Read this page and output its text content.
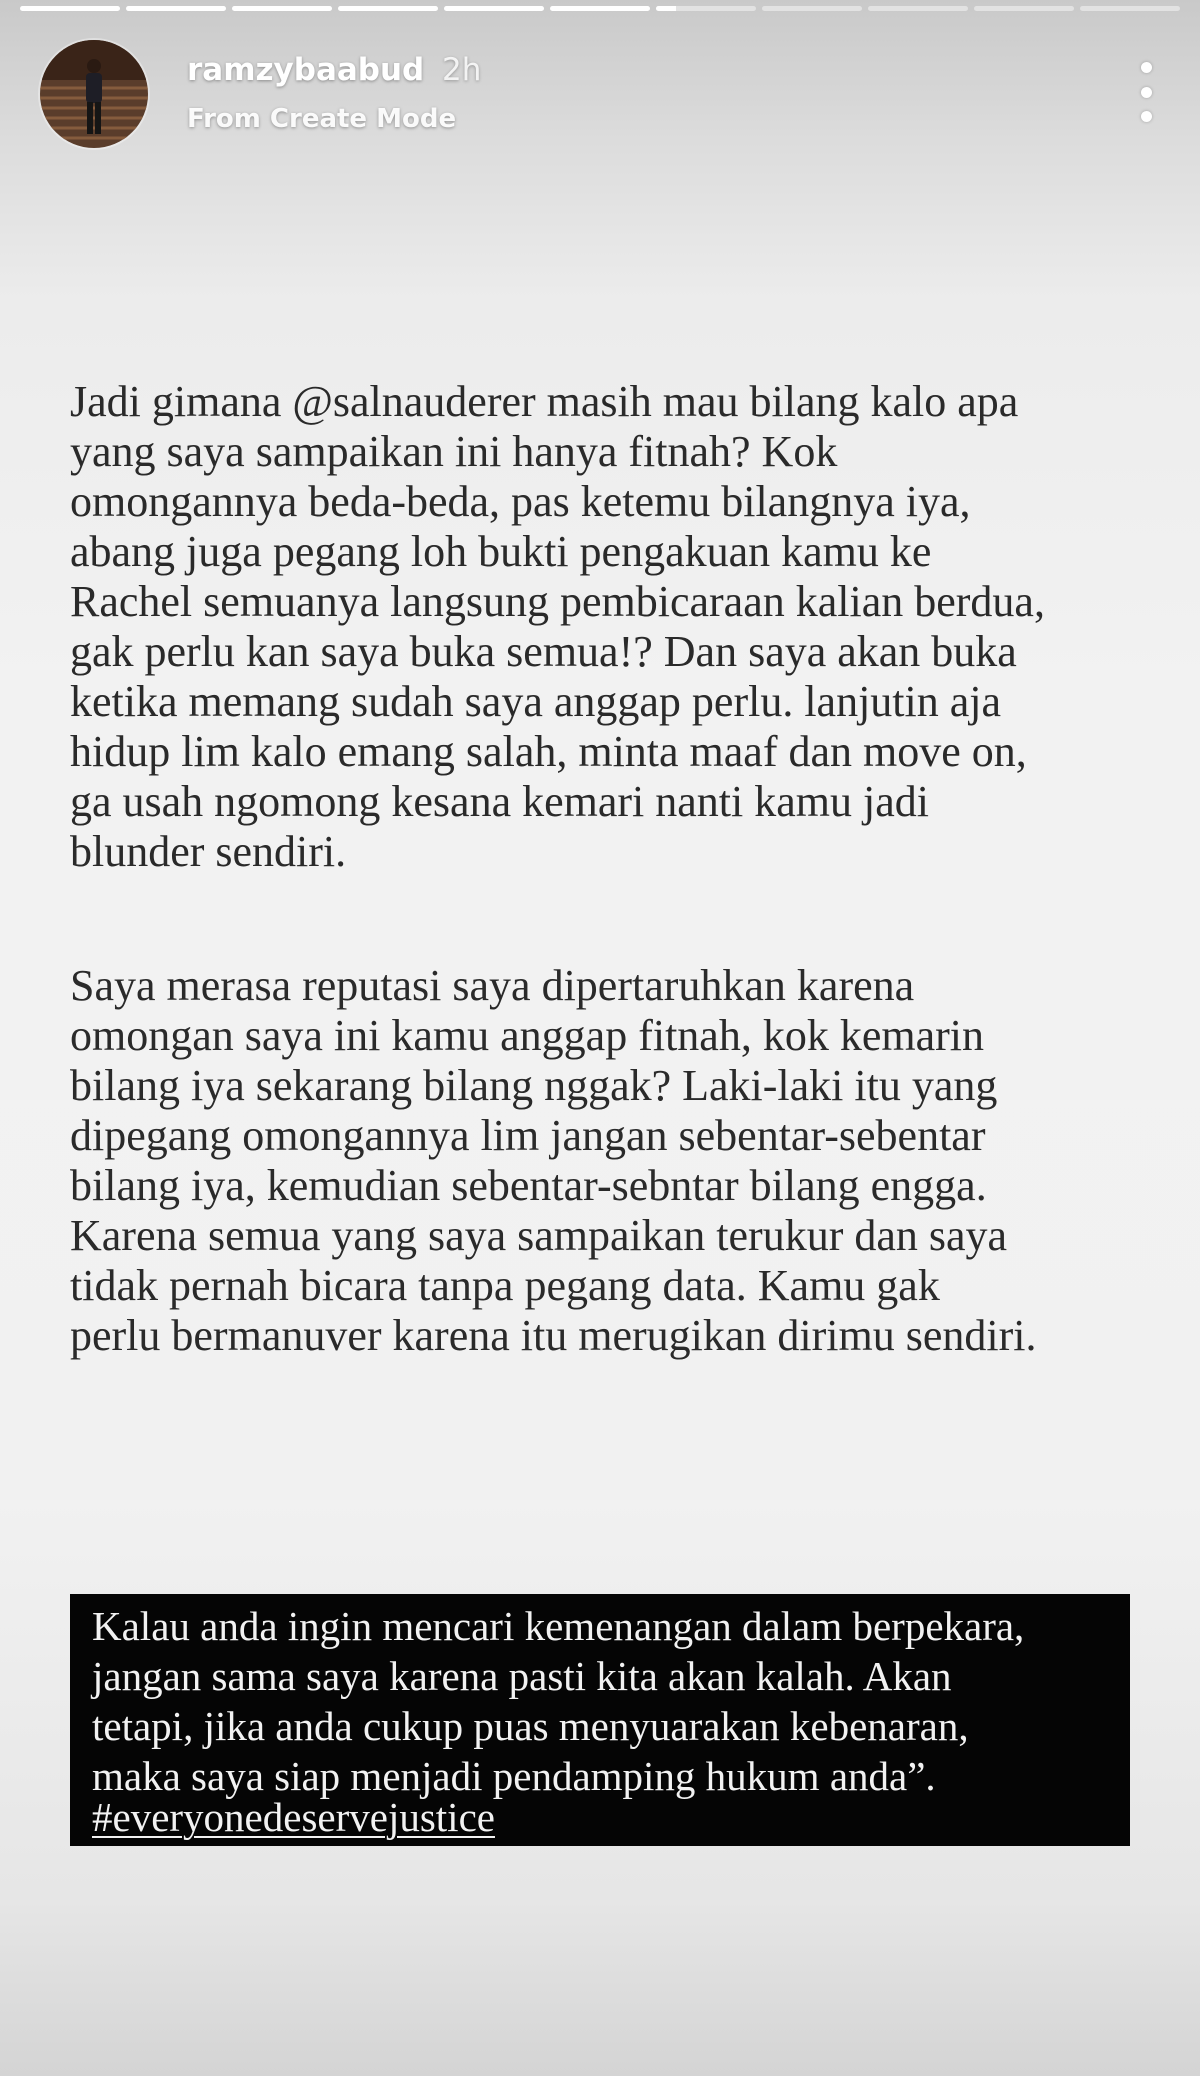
ramzybaabud 2h
From Create Mode
Jadi gimana @salnauderer masih mau bilang kalo apa
yang saya sampaikan ini hanya fitnah? Kok
omongannya beda-beda, pas ketemu bilangnya iya,
abang juga pegang loh bukti pengakuan kamu ke
Rachel semuanya langsung pembicaraan kalian berdua,
gak perlu kan saya buka semua!? Dan saya akan buka
ketika memang sudah saya anggap perlu. lanjutin aja
hidup lim kalo emang salah, minta maaf dan move on,
ga usah ngomong kesana kemari nanti kamu jadi
blunder sendiri.
Saya merasa reputasi saya dipertaruhkan karena
omongan saya ini kamu anggap fitnah, kok kemarin
bilang iya sekarang bilang nggak? Laki-laki itu yang
dipegang omongannya lim jangan sebentar-sebentar
bilang iya, kemudian sebentar-sebntar bilang engga.
Karena semua yang saya sampaikan terukur dan saya
tidak pernah bicara tanpa pegang data. Kamu gak
perlu bermanuver karena itu merugikan dirimu sendiri.
Kalau anda ingin mencari kemenangan dalam berpekara,
jangan sama saya karena pasti kita akan kalah. Akan
tetapi, jika anda cukup puas menyuarakan kebenaran,
maka saya siap menjadi pendamping hukum anda”.
#everyonedeservejustice
